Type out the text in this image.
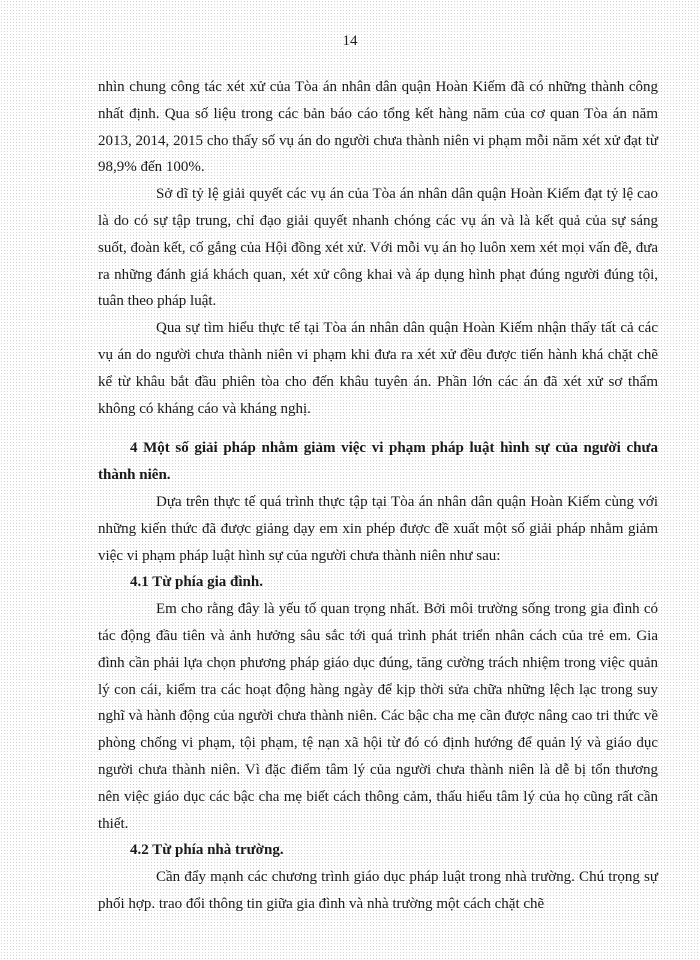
14

nhìn chung công tác xét xử của Tòa án nhân dân quận Hoàn Kiếm đã có những thành công nhất định. Qua số liệu trong các bản báo cáo tổng kết hàng năm của cơ quan Tòa án năm 2013, 2014, 2015 cho thấy số vụ án do người chưa thành niên vi phạm mỗi năm xét xử đạt từ 98,9% đến 100%.

Sở dĩ tỷ lệ giải quyết các vụ án của Tòa án nhân dân quận Hoàn Kiếm đạt tỷ lệ cao là do có sự tập trung, chỉ đạo giải quyết nhanh chóng các vụ án và là kết quả của sự sáng suốt, đoàn kết, cố gắng của Hội đồng xét xử. Với mỗi vụ án họ luôn xem xét mọi vấn đề, đưa ra những đánh giá khách quan, xét xử công khai và áp dụng hình phạt đúng người đúng tội, tuân theo pháp luật.

Qua sự tìm hiểu thực tế tại Tòa án nhân dân quận Hoàn Kiếm nhận thấy tất cả các vụ án do người chưa thành niên vi phạm khi đưa ra xét xử đều được tiến hành khá chặt chẽ kể từ khâu bắt đầu phiên tòa cho đến khâu tuyên án. Phần lớn các án đã xét xử sơ thẩm không có kháng cáo và kháng nghị.

4 Một số giải pháp nhằm giảm việc vi phạm pháp luật hình sự của người chưa thành niên.

Dựa trên thực tế quá trình thực tập tại Tòa án nhân dân quận Hoàn Kiếm cùng với những kiến thức đã được giảng dạy em xin phép được đề xuất một số giải pháp nhằm giảm việc vi phạm pháp luật hình sự của người chưa thành niên như sau:

4.1 Từ phía gia đình.

Em cho rằng đây là yếu tố quan trọng nhất. Bởi môi trường sống trong gia đình có tác động đầu tiên và ảnh hưởng sâu sắc tới quá trình phát triển nhân cách của trẻ em. Gia đình cần phải lựa chọn phương pháp giáo dục đúng, tăng cường trách nhiệm trong việc quản lý con cái, kiểm tra các hoạt động hàng ngày để kịp thời sửa chữa những lệch lạc trong suy nghĩ và hành động của người chưa thành niên. Các bậc cha mẹ cần được nâng cao tri thức về phòng chống vi phạm, tội phạm, tệ nạn xã hội từ đó có định hướng để quản lý và giáo dục người chưa thành niên. Vì đặc điểm tâm lý của người chưa thành niên là dễ bị tổn thương nên việc giáo dục các bậc cha mẹ biết cách thông cảm, thấu hiểu tâm lý của họ cũng rất cần thiết.

4.2 Từ phía nhà trường.

Cần đẩy mạnh các chương trình giáo dục pháp luật trong nhà trường. Chú trọng sự phối hợp. trao đổi thông tin giữa gia đình và nhà trường một cách chặt chẽ
